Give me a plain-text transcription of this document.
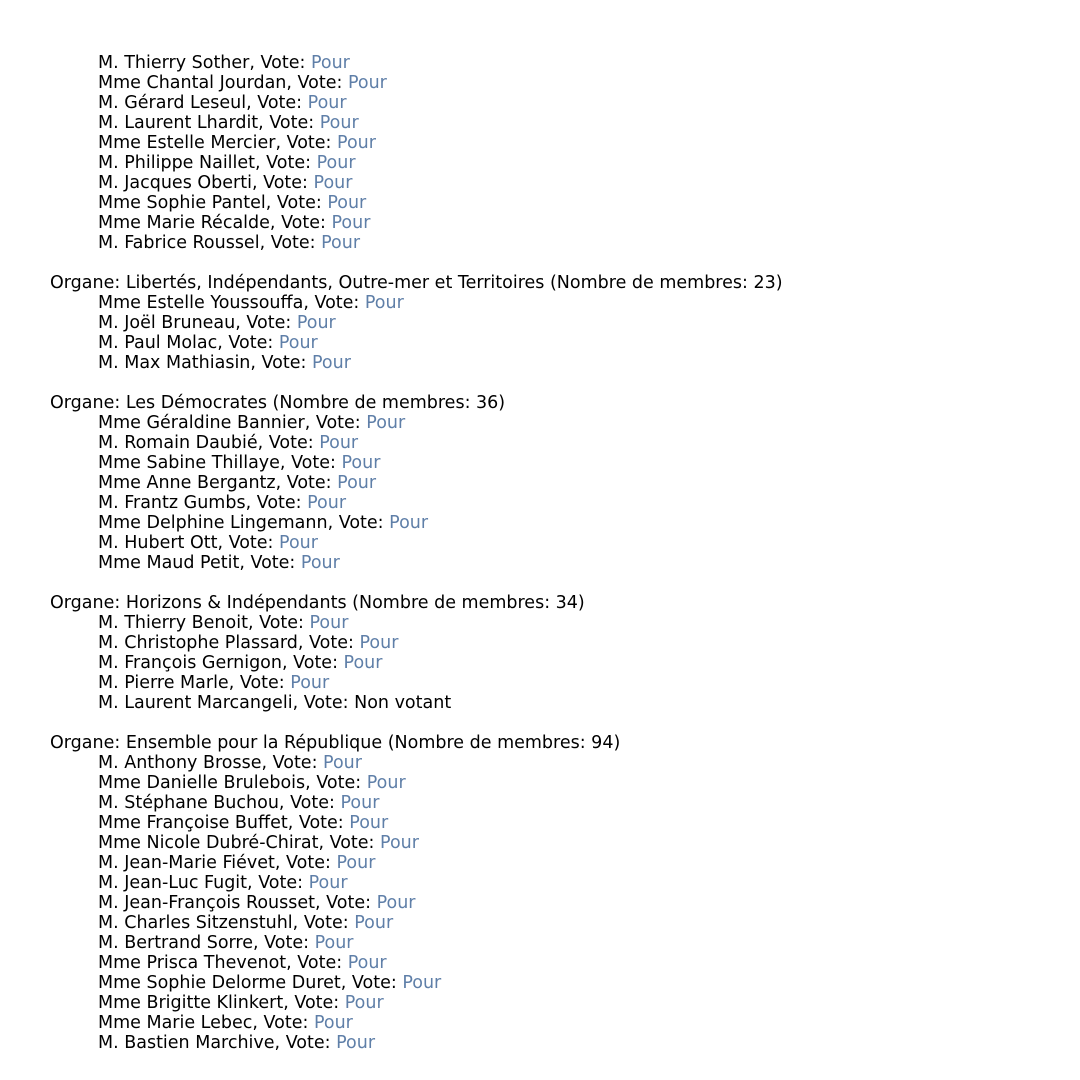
M. Thierry Sother, Vote: Pour
Mme Chantal Jourdan, Vote: Pour
M. Gérard Leseul, Vote: Pour
M. Laurent Lhardit, Vote: Pour
Mme Estelle Mercier, Vote: Pour
M. Philippe Naillet, Vote: Pour
M. Jacques Oberti, Vote: Pour
Mme Sophie Pantel, Vote: Pour
Mme Marie Récalde, Vote: Pour
M. Fabrice Roussel, Vote: Pour
Organe: Libertés, Indépendants, Outre-mer et Territoires (Nombre de membres: 23)
Mme Estelle Youssouffa, Vote: Pour
M. Joël Bruneau, Vote: Pour
M. Paul Molac, Vote: Pour
M. Max Mathiasin, Vote: Pour
Organe: Les Démocrates (Nombre de membres: 36)
Mme Géraldine Bannier, Vote: Pour
M. Romain Daubié, Vote: Pour
Mme Sabine Thillaye, Vote: Pour
Mme Anne Bergantz, Vote: Pour
M. Frantz Gumbs, Vote: Pour
Mme Delphine Lingemann, Vote: Pour
M. Hubert Ott, Vote: Pour
Mme Maud Petit, Vote: Pour
Organe: Horizons & Indépendants (Nombre de membres: 34)
M. Thierry Benoit, Vote: Pour
M. Christophe Plassard, Vote: Pour
M. François Gernigon, Vote: Pour
M. Pierre Marle, Vote: Pour
M. Laurent Marcangeli, Vote: Non votant
Organe: Ensemble pour la République (Nombre de membres: 94)
M. Anthony Brosse, Vote: Pour
Mme Danielle Brulebois, Vote: Pour
M. Stéphane Buchou, Vote: Pour
Mme Françoise Buffet, Vote: Pour
Mme Nicole Dubré-Chirat, Vote: Pour
M. Jean-Marie Fiévet, Vote: Pour
M. Jean-Luc Fugit, Vote: Pour
M. Jean-François Rousset, Vote: Pour
M. Charles Sitzenstuhl, Vote: Pour
M. Bertrand Sorre, Vote: Pour
Mme Prisca Thevenot, Vote: Pour
Mme Sophie Delorme Duret, Vote: Pour
Mme Brigitte Klinkert, Vote: Pour
Mme Marie Lebec, Vote: Pour
M. Bastien Marchive, Vote: Pour
